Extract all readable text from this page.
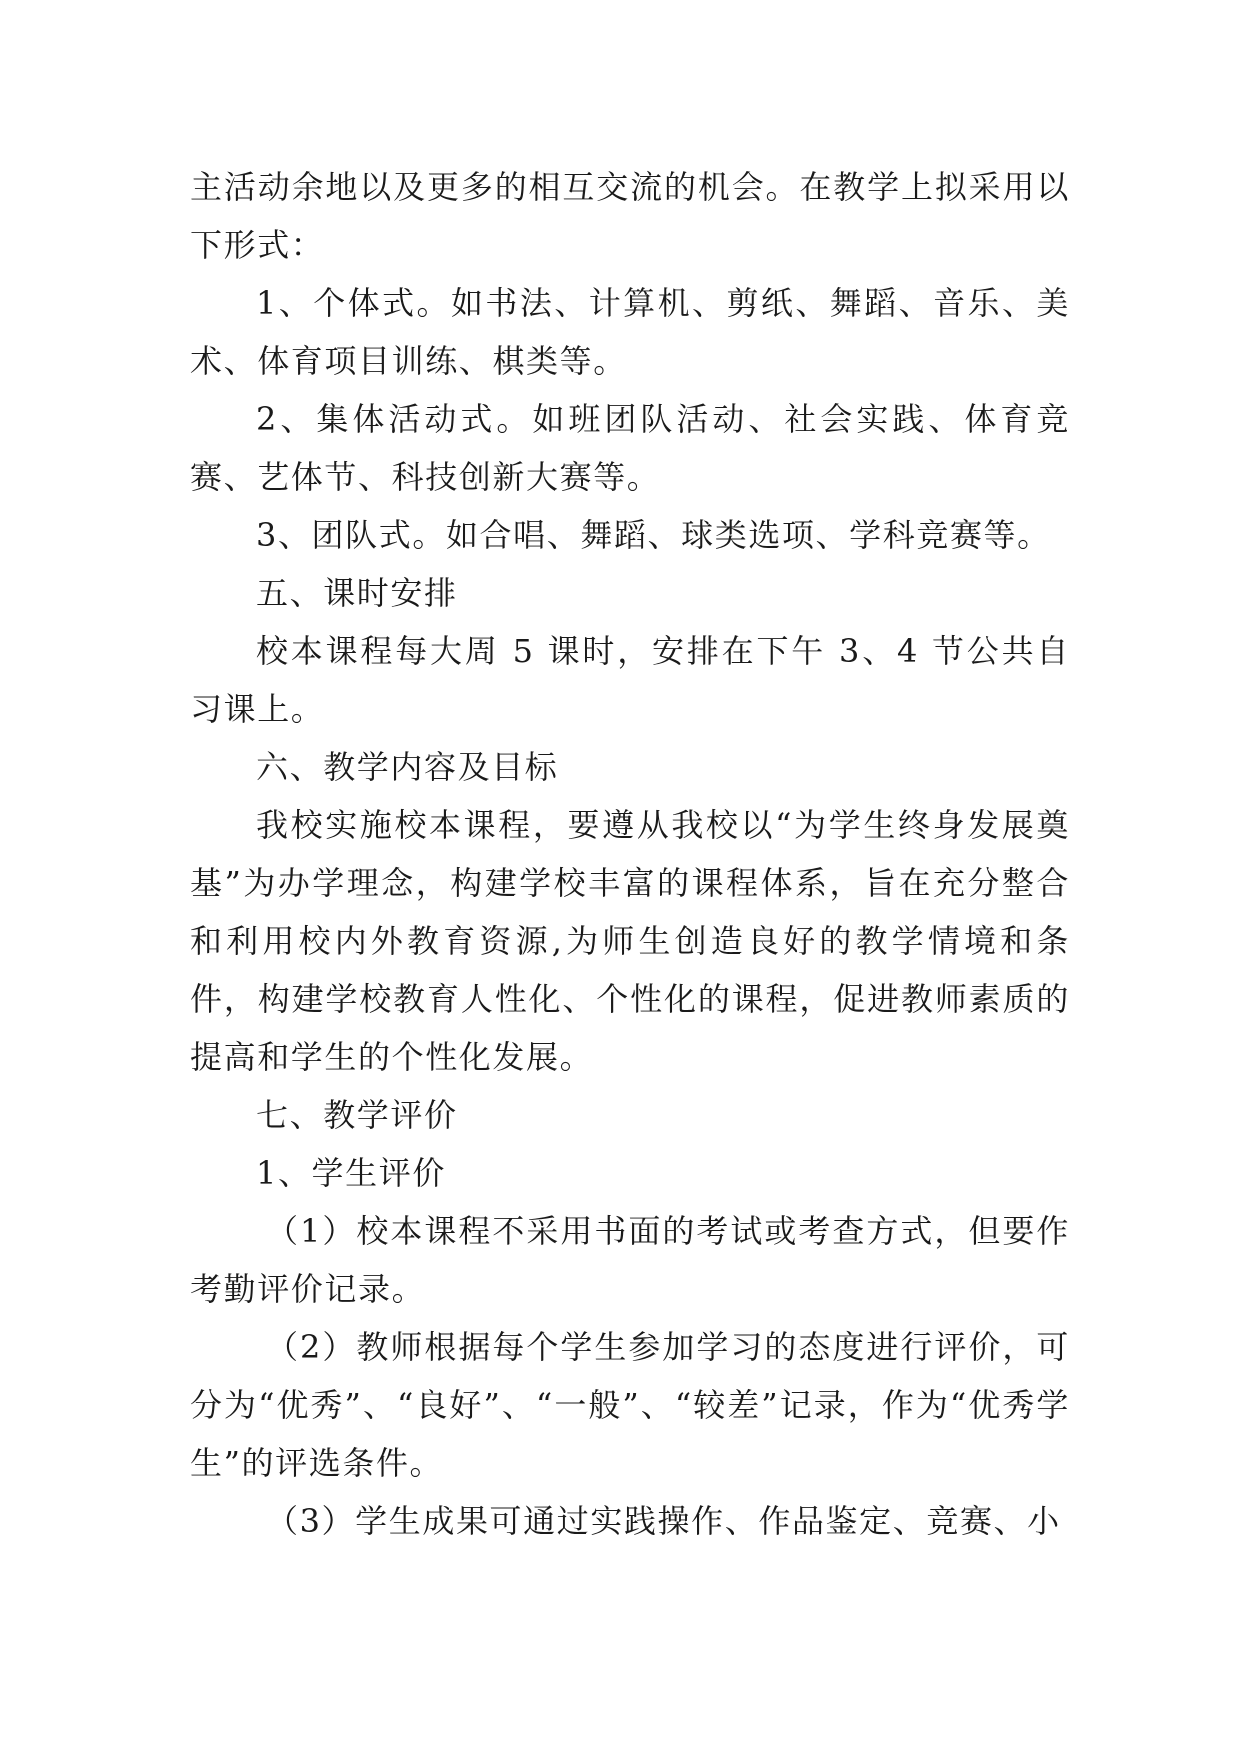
主活动余地以及更多的相互交流的机会。在教学上拟采用以下形式：

1、个体式。如书法、计算机、剪纸、舞蹈、音乐、美术、体育项目训练、棋类等。

2、集体活动式。如班团队活动、社会实践、体育竞赛、艺体节、科技创新大赛等。

3、团队式。如合唱、舞蹈、球类选项、学科竞赛等。

五、课时安排

校本课程每大周 5 课时，安排在下午 3、4 节公共自习课上。

六、教学内容及目标

我校实施校本课程，要遵从我校以“为学生终身发展奠基”为办学理念，构建学校丰富的课程体系，旨在充分整合和利用校内外教育资源,为师生创造良好的教学情境和条件，构建学校教育人性化、个性化的课程，促进教师素质的提高和学生的个性化发展。

七、教学评价

1、学生评价

（1）校本课程不采用书面的考试或考查方式，但要作考勤评价记录。

（2）教师根据每个学生参加学习的态度进行评价，可分为“优秀”、“良好”、“一般”、“较差”记录，作为“优秀学生”的评选条件。

（3）学生成果可通过实践操作、作品鉴定、竞赛、小
